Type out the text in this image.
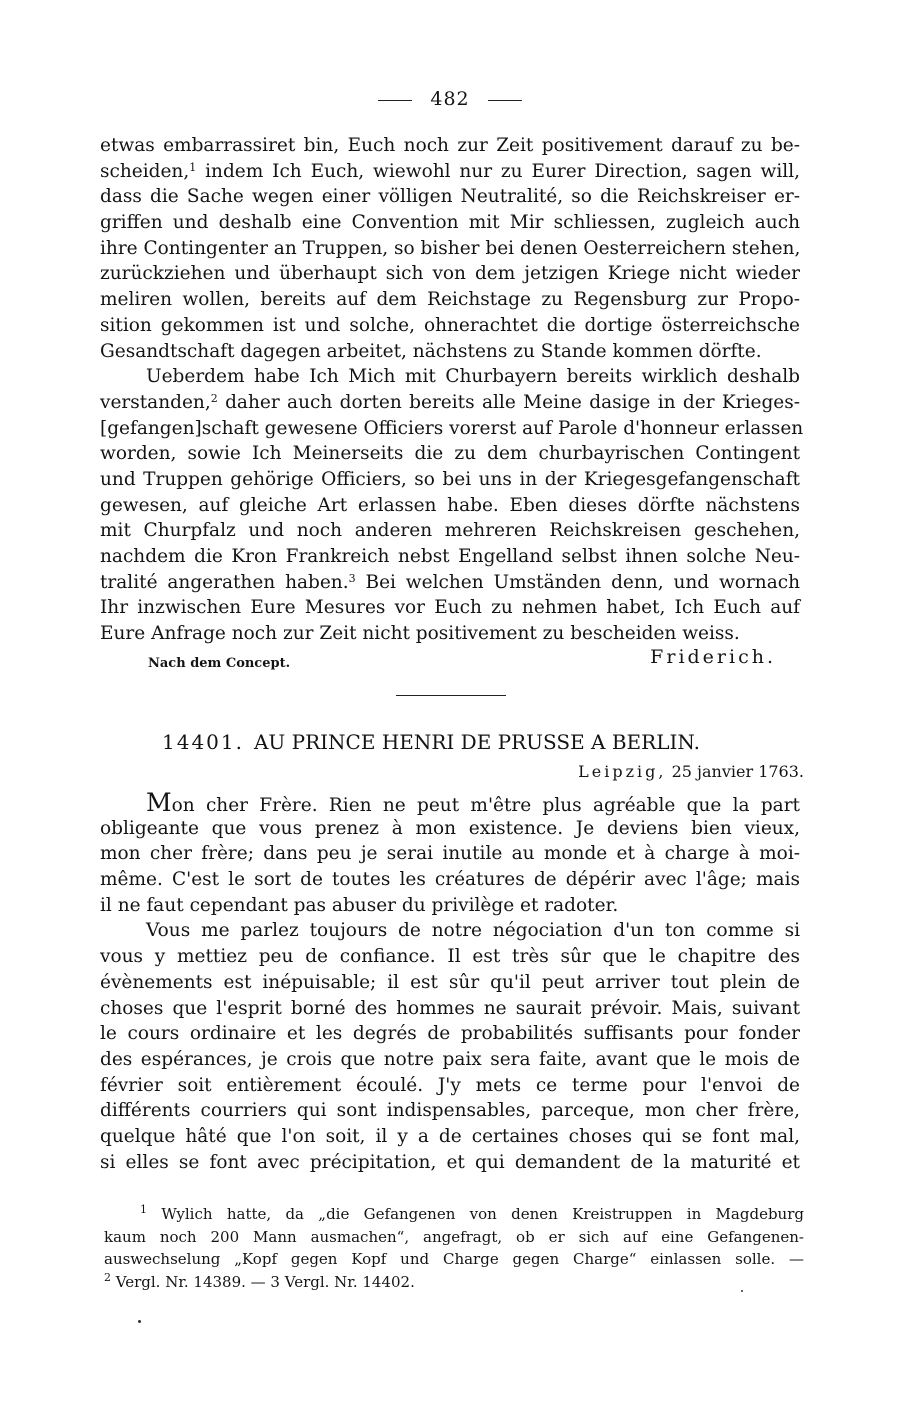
482
etwas embarrassiret bin, Euch noch zur Zeit positivement darauf zu be-
scheiden,$^1$ indem Ich Euch, wiewohl nur zu Eurer Direction, sagen will,
dass die Sache wegen einer völligen Neutralité, so die Reichskreiser er-
griffen und deshalb eine Convention mit Mir schliessen, zugleich auch
ihre Contingenter an Truppen, so bisher bei denen Oesterreichern stehen,
zurückziehen und überhaupt sich von dem jetzigen Kriege nicht wieder
meliren wollen, bereits auf dem Reichstage zu Regensburg zur Propo-
sition gekommen ist und solche, ohnerachtet die dortige österreichsche
Gesandtschaft dagegen arbeitet, nächstens zu Stande kommen dörfte.
Ueberdem habe Ich Mich mit Churbayern bereits wirklich deshalb
verstanden,$^2$ daher auch dorten bereits alle Meine dasige in der Krieges-
[gefangen]schaft gewesene Officiers vorerst auf Parole d'honneur erlassen
worden, sowie Ich Meinerseits die zu dem churbayrischen Contingent
und Truppen gehörige Officiers, so bei uns in der Kriegesgefangenschaft
gewesen, auf gleiche Art erlassen habe. Eben dieses dörfte nächstens
mit Churpfalz und noch anderen mehreren Reichskreisen geschehen,
nachdem die Kron Frankreich nebst Engelland selbst ihnen solche Neu-
tralité angerathen haben.$^3$ Bei welchen Umständen denn, und wornach
Ihr inzwischen Eure Mesures vor Euch zu nehmen habet, Ich Euch auf
Eure Anfrage noch zur Zeit nicht positivement zu bescheiden weiss.
Nach dem Concept.	Friderich.
14401. AU PRINCE HENRI DE PRUSSE A BERLIN.
Leipzig, 25 janvier 1763.
Mon cher Frère. Rien ne peut m'être plus agréable que la part
obligeante que vous prenez à mon existence. Je deviens bien vieux,
mon cher frère; dans peu je serai inutile au monde et à charge à moi-
même. C'est le sort de toutes les créatures de dépérir avec l'âge; mais
il ne faut cependant pas abuser du privilège et radoter.
Vous me parlez toujours de notre négociation d'un ton comme si
vous y mettiez peu de confiance. Il est très sûr que le chapitre des
évènements est inépuisable; il est sûr qu'il peut arriver tout plein de
choses que l'esprit borné des hommes ne saurait prévoir. Mais, suivant
le cours ordinaire et les degrés de probabilités suffisants pour fonder
des espérances, je crois que notre paix sera faite, avant que le mois de
février soit entièrement écoulé. J'y mets ce terme pour l'envoi de
différents courriers qui sont indispensables, parceque, mon cher frère,
quelque hâté que l'on soit, il y a de certaines choses qui se font mal,
si elles se font avec précipitation, et qui demandent de la maturité et
$^1$ Wylich hatte, da „die Gefangenen von denen Kreistruppen in Magdeburg
kaum noch 200 Mann ausmachen“, angefragt, ob er sich auf eine Gefangenen-
auswechselung „Kopf gegen Kopf und Charge gegen Charge“ einlassen solle. —
$^2$ Vergl. Nr. 14389. — 3 Vergl. Nr. 14402.
